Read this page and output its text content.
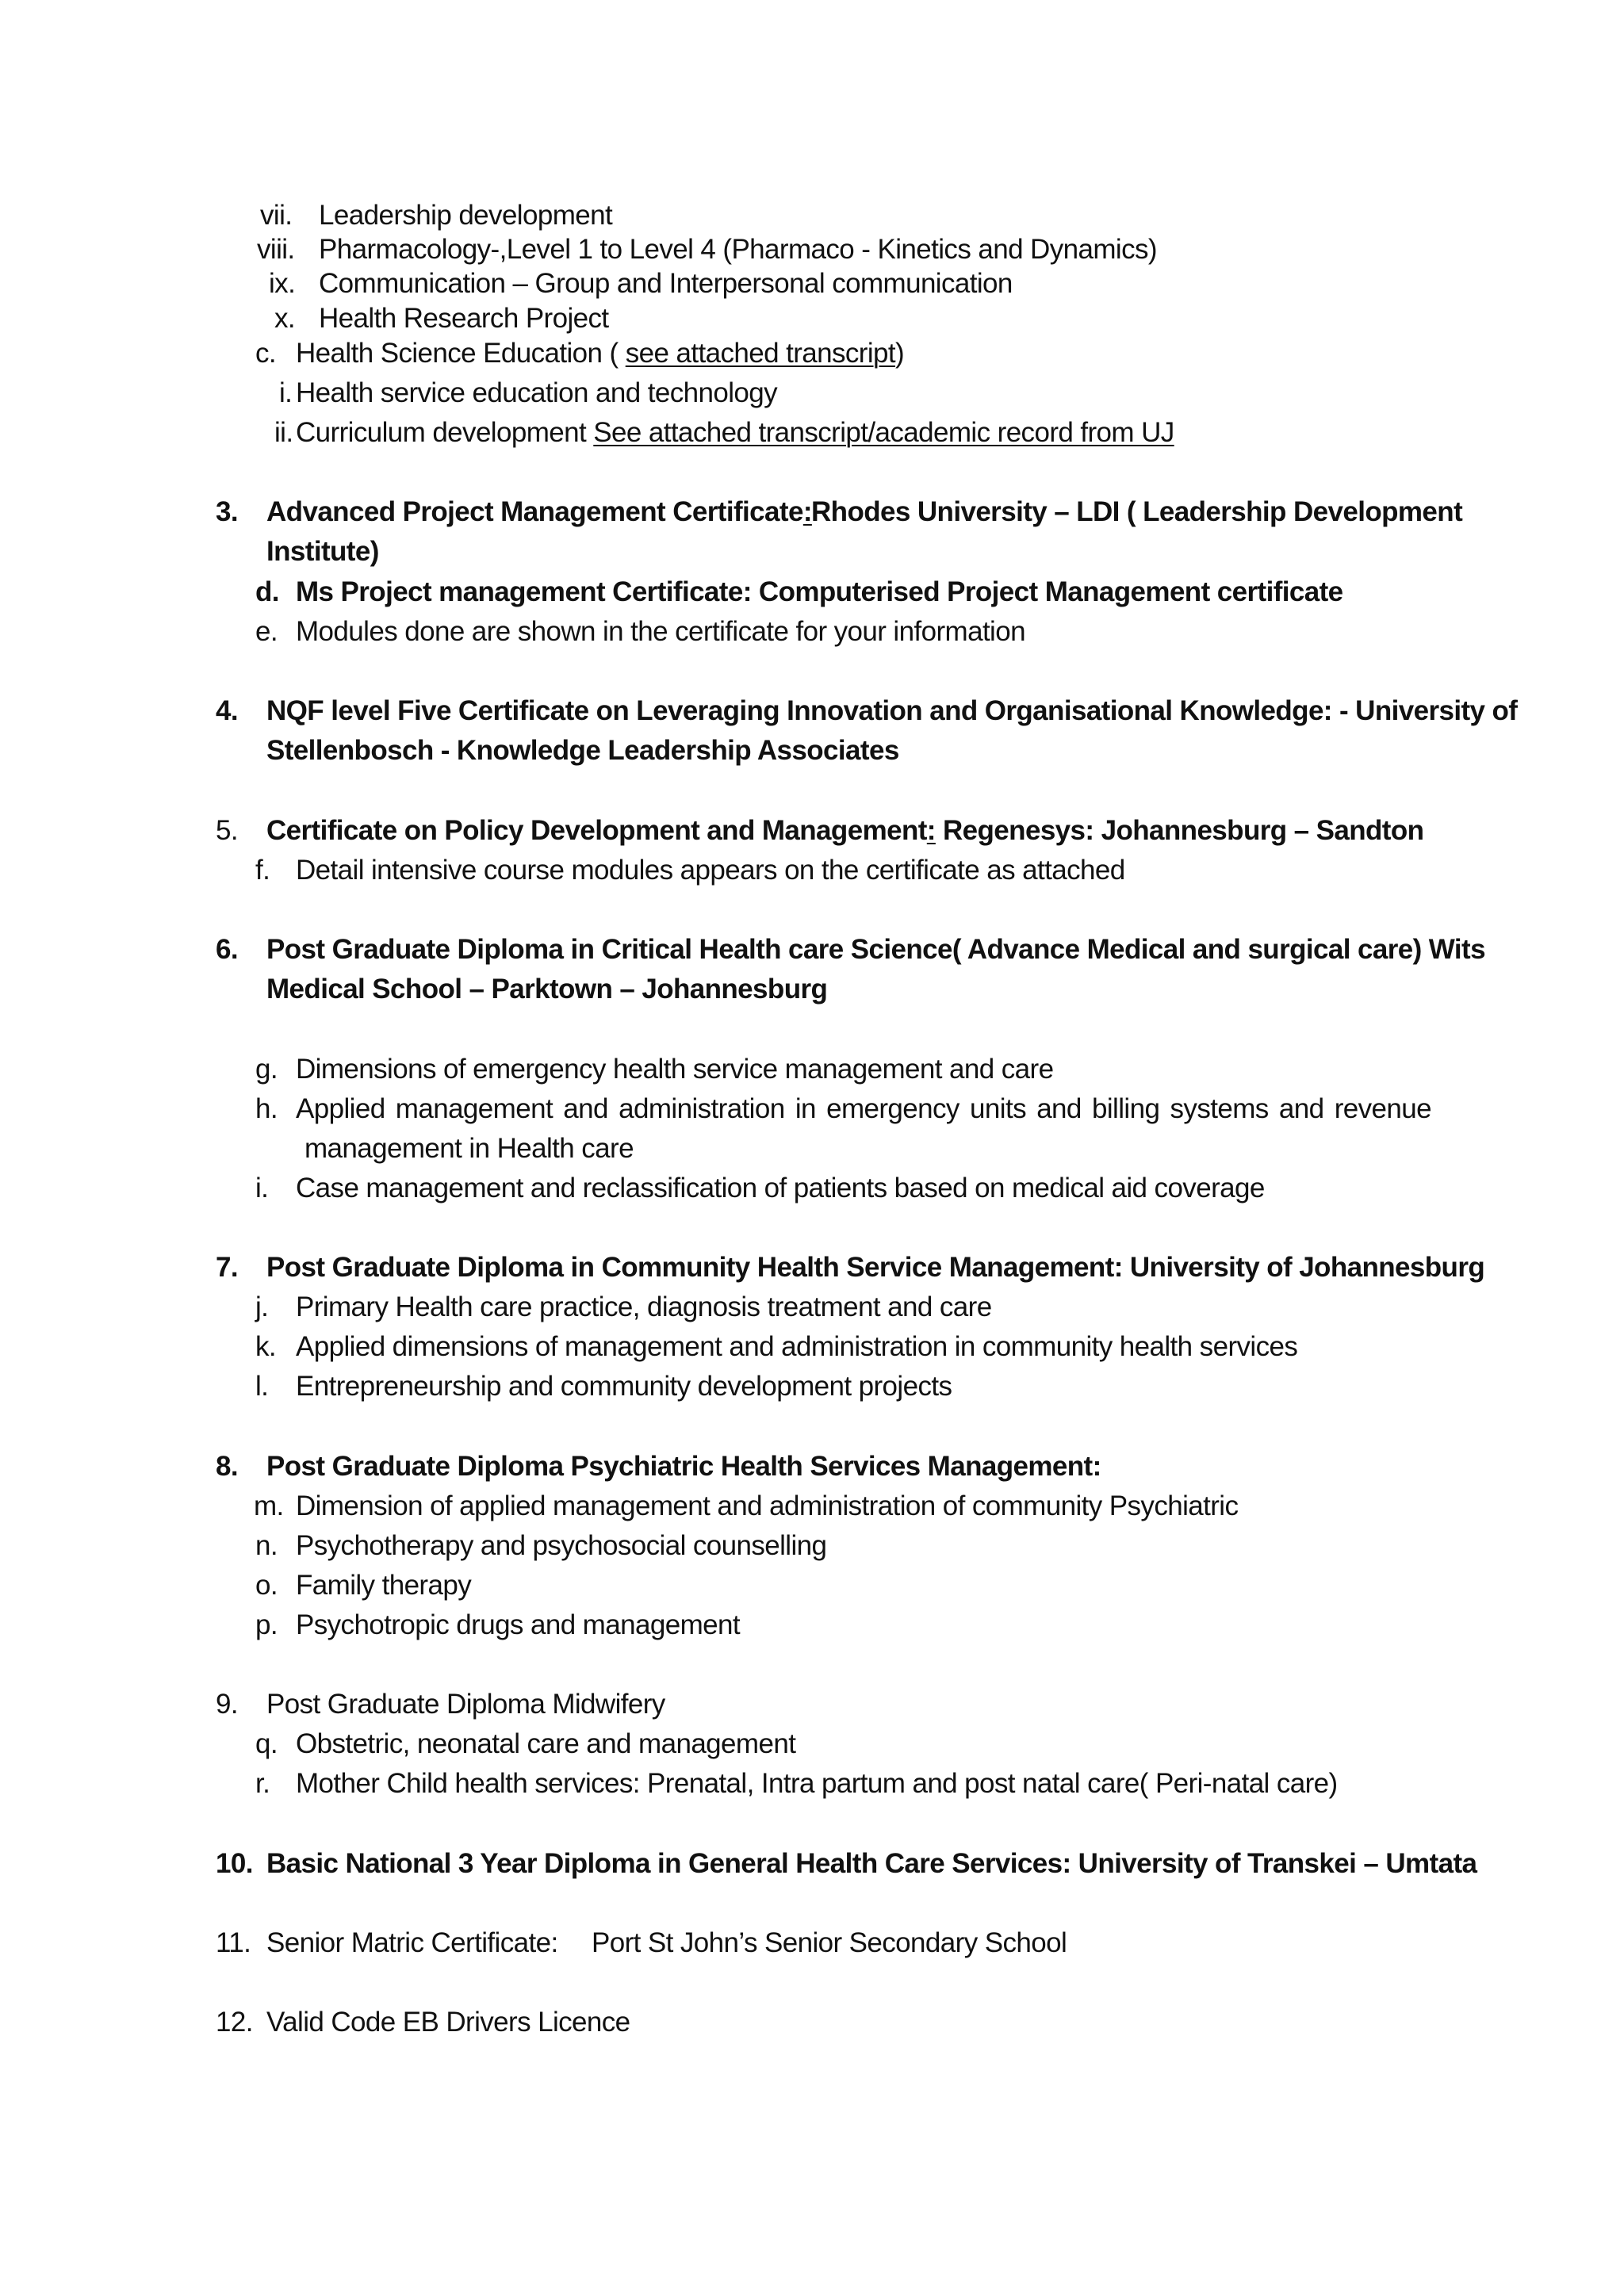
vii. Leadership development
viii. Pharmacology-,Level 1 to Level 4 (Pharmaco - Kinetics and Dynamics)
ix. Communication – Group and Interpersonal communication
x. Health Research Project
c. Health Science Education ( see attached transcript)
i. Health service education and technology
ii. Curriculum development See attached transcript/academic record from UJ
3. Advanced Project Management Certificate: Rhodes University – LDI ( Leadership Development
Institute)
d. Ms Project management Certificate: Computerised Project Management certificate
e. Modules done are shown in the certificate for your information
4. NQF level Five Certificate on Leveraging Innovation and Organisational Knowledge: - University of
Stellenbosch - Knowledge Leadership Associates
5. Certificate on Policy Development and Management: Regenesys: Johannesburg – Sandton
f. Detail intensive course modules appears on the certificate as attached
6. Post Graduate Diploma in Critical Health care Science( Advance Medical and surgical care) Wits
Medical School – Parktown – Johannesburg
g. Dimensions of emergency health service management and care
h. Applied management and administration in emergency units and billing systems and revenue
management in Health care
i. Case management and reclassification of patients based on medical aid coverage
7. Post Graduate Diploma in Community Health Service Management: University of Johannesburg
j. Primary Health care practice, diagnosis treatment and care
k. Applied dimensions of management and administration in community health services
l. Entrepreneurship and community development projects
8. Post Graduate Diploma Psychiatric Health Services Management:
m. Dimension of applied management and administration of community Psychiatric
n. Psychotherapy and psychosocial counselling
o. Family therapy
p. Psychotropic drugs and management
9. Post Graduate Diploma Midwifery
q. Obstetric, neonatal care and management
r. Mother Child health services: Prenatal, Intra partum and post natal care( Peri-natal care)
10. Basic National 3 Year Diploma in General Health Care Services: University of Transkei – Umtata
11. Senior Matric Certificate: Port St John’s Senior Secondary School
12. Valid Code EB Drivers Licence
